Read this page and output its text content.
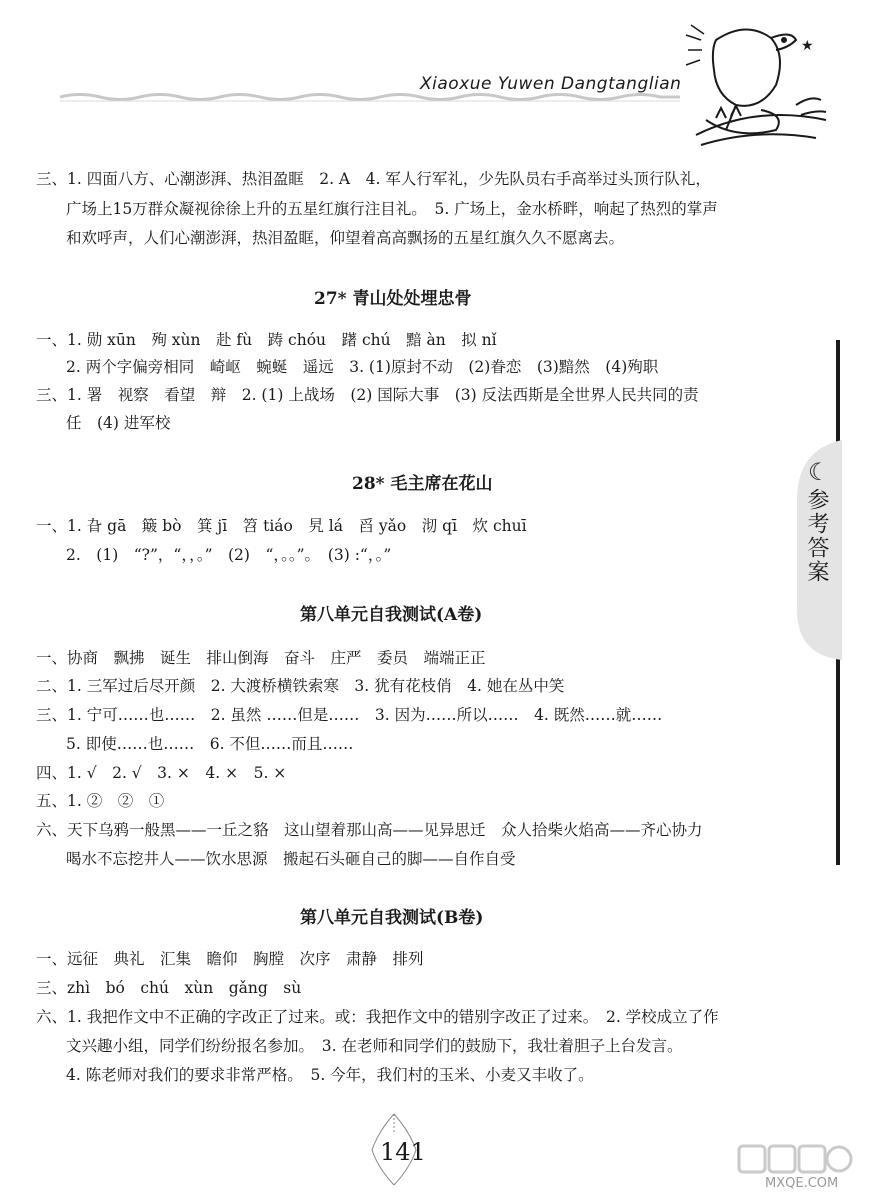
Xiaoxue Yuwen Dangtanglian
★
☾
参考答案
三、1. 四面八方、心潮澎湃、热泪盈眶　2. A　4. 军人行军礼，少先队员右手高举过头顶行队礼，
广场上15万群众凝视徐徐上升的五星红旗行注目礼。　5. 广场上，金水桥畔，响起了热烈的掌声
和欢呼声，人们心潮澎湃，热泪盈眶，仰望着高高飘扬的五星红旗久久不愿离去。
27* 青山处处埋忠骨
一、1. 勋 xūn　殉 xùn　赴 fù　踌 chóu　躇 chú　黯 àn　拟 nǐ
2. 两个字偏旁相同　崎岖　蜿蜒　遥远　3. (1)原封不动　(2)眷恋　(3)黯然　(4)殉职
三、1. 署　视察　看望　辩　2. (1) 上战场　(2) 国际大事　(3) 反法西斯是全世界人民共同的责
任　(4) 进军校
28* 毛主席在花山
一、1. 旮 gā　簸 bò　箕 jī　笤 tiáo　旯 lá　舀 yǎo　沏 qī　炊 chuī
2.　(1)　“?”，“，，。”　(2)　“，。。”。　(3) :“，。”
第八单元自我测试(A卷)
一、协商　飘拂　诞生　排山倒海　奋斗　庄严　委员　端端正正
二、1. 三军过后尽开颜　2. 大渡桥横铁索寒　3. 犹有花枝俏　4. 她在丛中笑
三、1. 宁可……也……　2. 虽然 ……但是……　3. 因为……所以……　4. 既然……就……
5. 即使……也……　6. 不但……而且……
四、1. √　2. √　3. ×　4. ×　5. ×
五、1. ②　②　①
六、天下乌鸦一般黑——一丘之貉　这山望着那山高——见异思迁　众人拾柴火焰高——齐心协力
喝水不忘挖井人——饮水思源　搬起石头砸自己的脚——自作自受
第八单元自我测试(B卷)
一、远征　典礼　汇集　瞻仰　胸膛　次序　肃静　排列
三、zhì　bó　chú　xùn　gǎng　sù
六、1. 我把作文中不正确的字改正了过来。或：我把作文中的错别字改正了过来。　2. 学校成立了作
文兴趣小组，同学们纷纷报名参加。　3. 在老师和同学们的鼓励下，我壮着胆子上台发言。
4. 陈老师对我们的要求非常严格。　5. 今年，我们村的玉米、小麦又丰收了。
141
MXQE.COM
